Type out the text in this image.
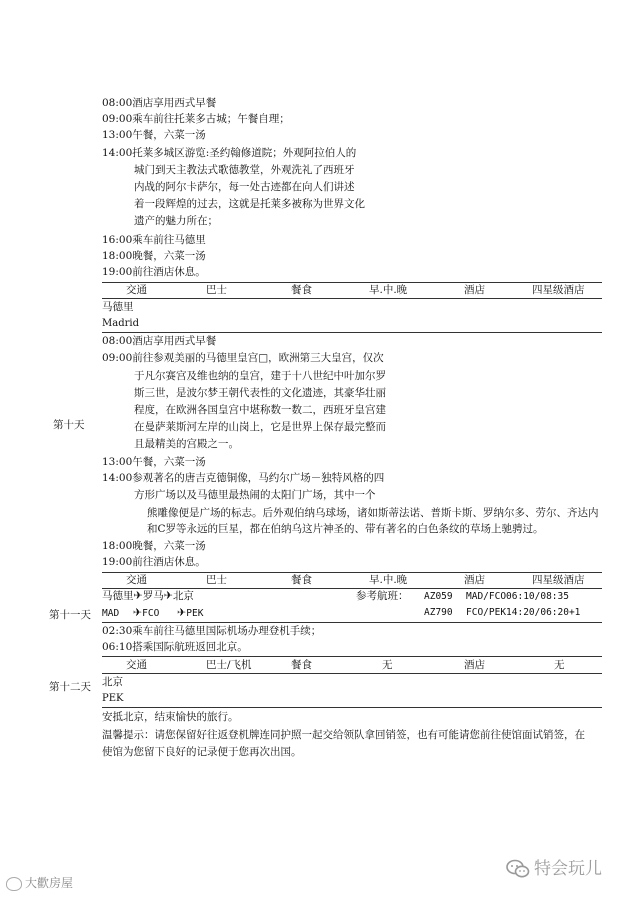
08:00酒店享用西式早餐
09:00乘车前往托莱多古城；午餐自理；
13:00午餐，六菜一汤
14:00托莱多城区游览:圣约翰修道院；外观阿拉伯人的
城门到天主教法式歌德教堂，外观洗礼了西班牙
内战的阿尔卡萨尔，每一处古迹都在向人们讲述
着一段辉煌的过去，这就是托莱多被称为世界文化
遗产的魅力所在；
16:00乘车前往马德里
18:00晚餐，六菜一汤
19:00前往酒店休息。
交通	巴士	餐食	早.中.晚	酒店	四星级酒店
第十天
马德里
Madrid
08:00酒店享用西式早餐
09:00前往参观美丽的马德里皇宫□，欧洲第三大皇宫，仅次
于凡尔赛宫及维也纳的皇宫，建于十八世纪中叶加尔罗
斯三世，是波尔梦王朝代表性的文化遗迹，其豪华壮丽
程度，在欧洲各国皇宫中堪称数一数二，西班牙皇宫建
在曼萨莱斯河左岸的山岗上，它是世界上保存最完整而
且最精美的宫殿之一。
13:00午餐，六菜一汤
14:00参观著名的唐吉克德铜像，马约尔广场－独特风格的四
方形广场以及马德里最热闹的太阳门广场，其中一个
熊雕像便是广场的标志。后外观伯纳乌球场，诸如斯蒂法诺、普斯卡斯、罗纳尔多、劳尔、齐达内
和C罗等永远的巨星，都在伯纳乌这片神圣的、带有著名的白色条纹的草场上驰骋过。
18:00晚餐，六菜一汤
19:00前往酒店休息。
交通	巴士	餐食	早.中.晚	酒店	四星级酒店
第十一天
马德里✈罗马✈北京	参考航班： AZ059 MAD/FCO06:10/08:35
MAD ✈FCO ✈PEK	AZ790 FCO/PEK14:20/06:20+1
02:30乘车前往马德里国际机场办理登机手续；
06:10搭乘国际航班返回北京。
交通	巴士/飞机	餐食	无	酒店	无
第十二天 北京
PEK
安抵北京，结束愉快的旅行。
温馨提示：请您保留好往返登机牌连同护照一起交给领队拿回销签，也有可能请您前往使馆面试销签，在
使馆为您留下良好的记录便于您再次出国。
大歡房屋
特会玩儿
